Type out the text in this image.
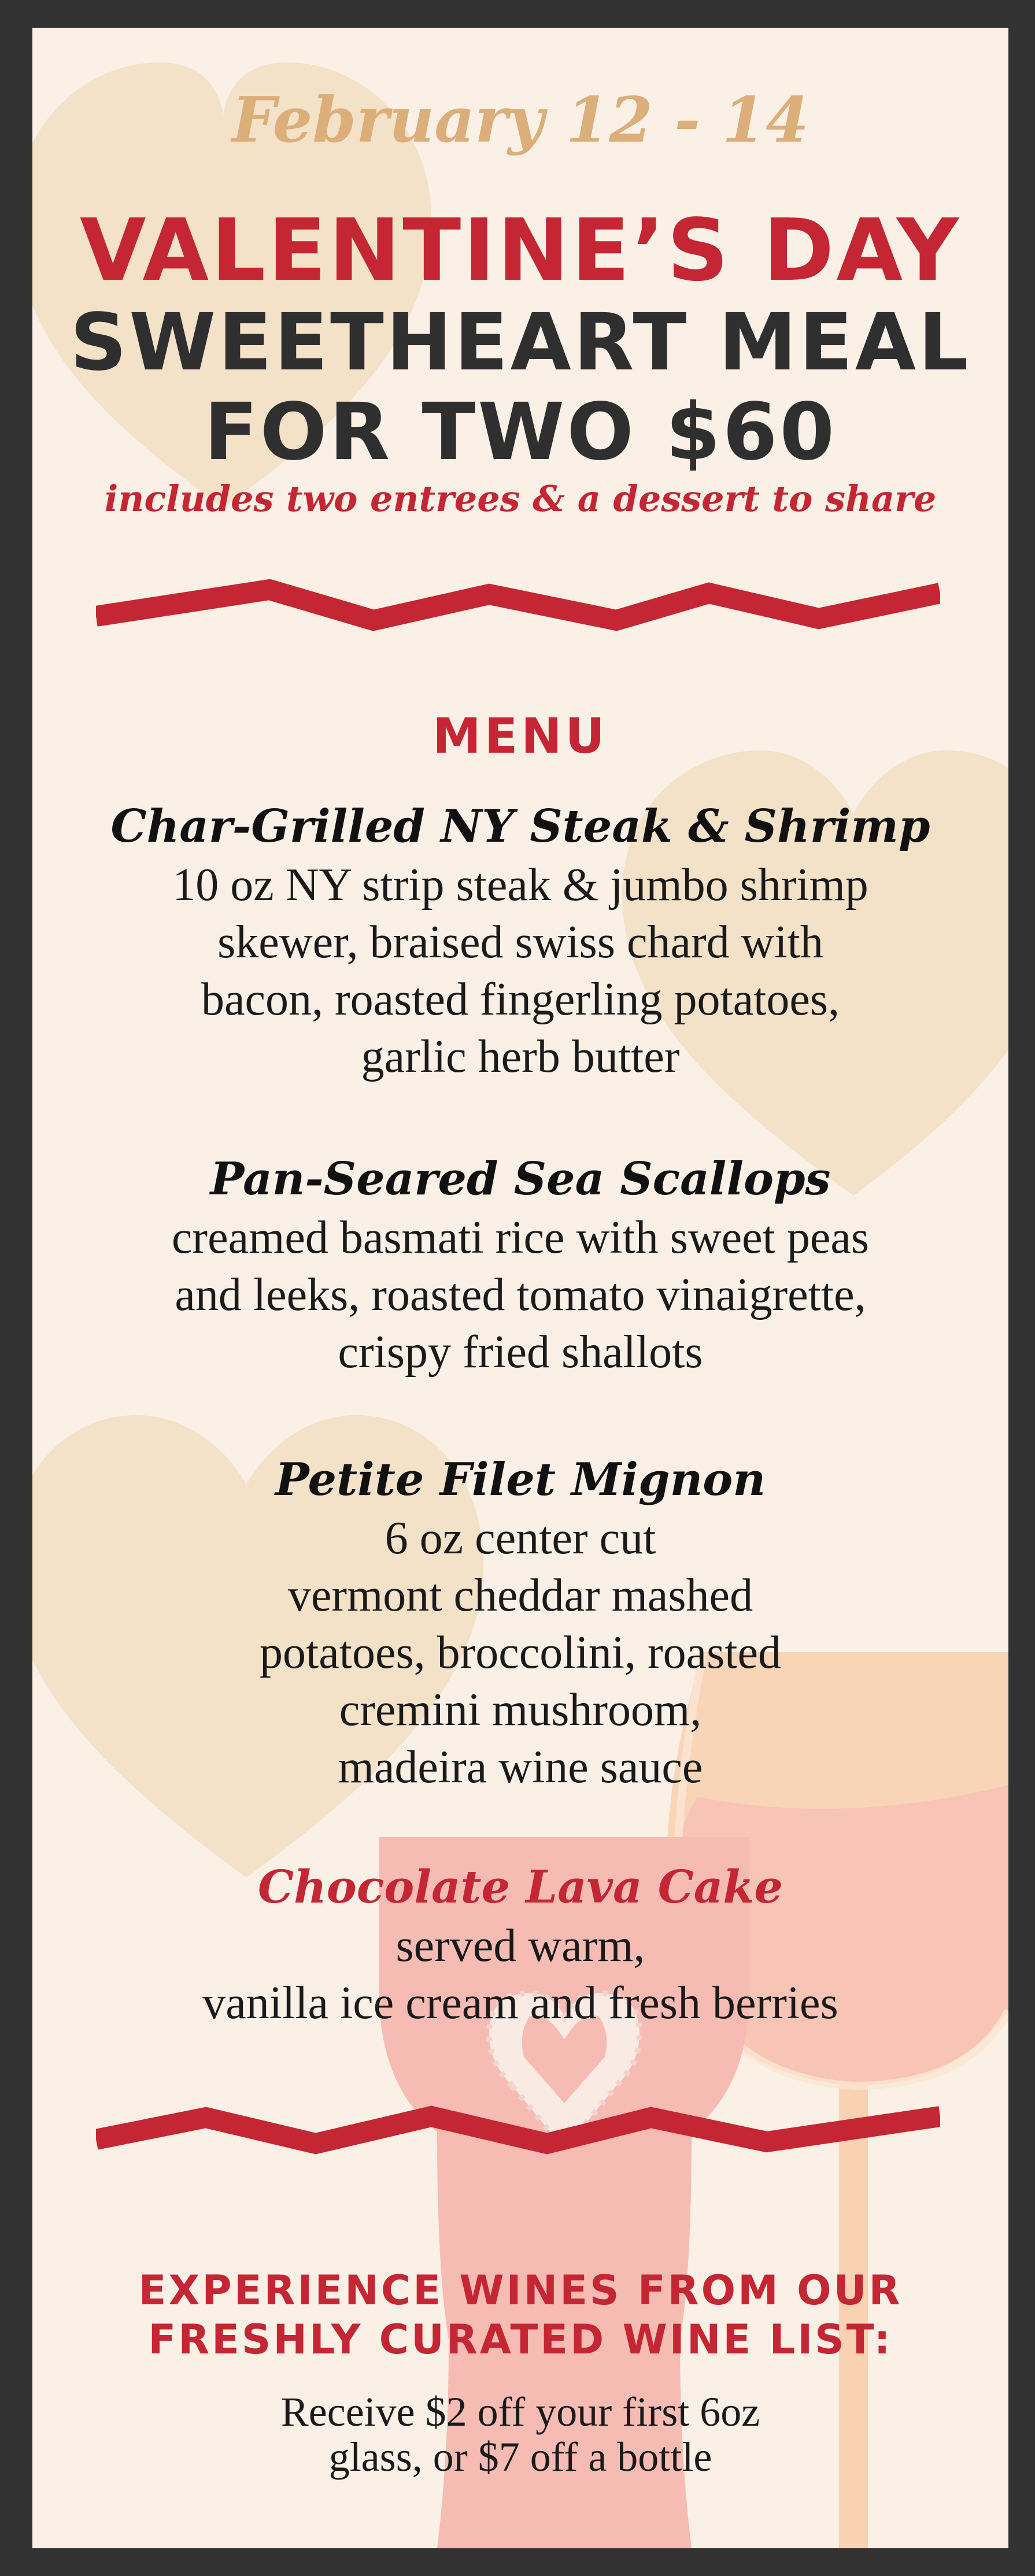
February 12 - 14

VALENTINE’S DAY

SWEETHEART MEAL

FOR TWO $60

includes two entrees & a dessert to share

MENU

Char-Grilled NY Steak & Shrimp

10 oz NY strip steak & jumbo shrimp
skewer, braised swiss chard with
bacon, roasted fingerling potatoes,
garlic herb butter

Pan-Seared Sea Scallops

creamed basmati rice with sweet peas
and leeks, roasted tomato vinaigrette,
crispy fried shallots

Petite Filet Mignon

6 oz center cut
vermont cheddar mashed
potatoes, broccolini, roasted
cremini mushroom,
madeira wine sauce

Chocolate Lava Cake

served warm,
vanilla ice cream and fresh berries

EXPERIENCE WINES FROM OUR

FRESHLY CURATED WINE LIST:

Receive $2 off your first 6oz
glass, or $7 off a bottle
